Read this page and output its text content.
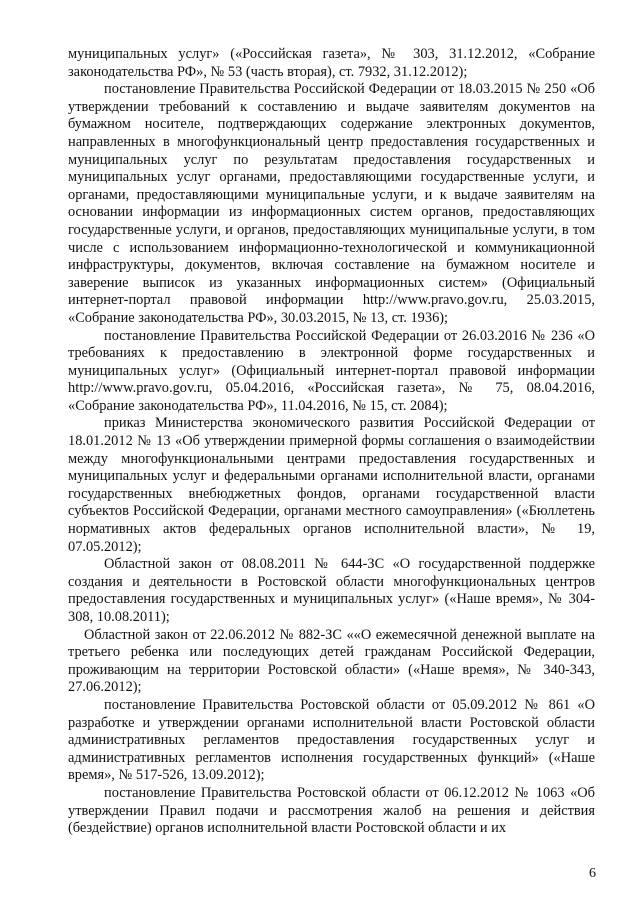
муниципальных услуг» («Российская газета», № 303, 31.12.2012, «Собрание законодательства РФ», № 53 (часть вторая), ст. 7932, 31.12.2012);

постановление Правительства Российской Федерации от 18.03.2015 № 250 «Об утверждении требований к составлению и выдаче заявителям документов на бумажном носителе, подтверждающих содержание электронных документов, направленных в многофункциональный центр предоставления государственных и муниципальных услуг по результатам предоставления государственных и муниципальных услуг органами, предоставляющими государственные услуги, и органами, предоставляющими муниципальные услуги, и к выдаче заявителям на основании информации из информационных систем органов, предоставляющих государственные услуги, и органов, предоставляющих муниципальные услуги, в том числе с использованием информационно-технологической и коммуникационной инфраструктуры, документов, включая составление на бумажном носителе и заверение выписок из указанных информационных систем» (Официальный интернет-портал правовой информации http://www.pravo.gov.ru, 25.03.2015, «Собрание законодательства РФ», 30.03.2015, № 13, ст. 1936);

постановление Правительства Российской Федерации от 26.03.2016 № 236 «О требованиях к предоставлению в электронной форме государственных и муниципальных услуг» (Официальный интернет-портал правовой информации http://www.pravo.gov.ru, 05.04.2016, «Российская газета», № 75, 08.04.2016, «Собрание законодательства РФ», 11.04.2016, № 15, ст. 2084);

приказ Министерства экономического развития Российской Федерации от 18.01.2012 № 13 «Об утверждении примерной формы соглашения о взаимодействии между многофункциональными центрами предоставления государственных и муниципальных услуг и федеральными органами исполнительной власти, органами государственных внебюджетных фондов, органами государственной власти субъектов Российской Федерации, органами местного самоуправления» («Бюллетень нормативных актов федеральных органов исполнительной власти», № 19, 07.05.2012);

Областной закон от 08.08.2011 № 644-ЗС «О государственной поддержке создания и деятельности в Ростовской области многофункциональных центров предоставления государственных и муниципальных услуг» («Наше время», № 304-308, 10.08.2011);

Областной закон от 22.06.2012 № 882-ЗС ««О ежемесячной денежной выплате на третьего ребенка или последующих детей гражданам Российской Федерации, проживающим на территории Ростовской области» («Наше время», № 340-343, 27.06.2012);

постановление Правительства Ростовской области от 05.09.2012 № 861 «О разработке и утверждении органами исполнительной власти Ростовской области административных регламентов предоставления государственных услуг и административных регламентов исполнения государственных функций» («Наше время», № 517-526, 13.09.2012);

постановление Правительства Ростовской области от 06.12.2012 № 1063 «Об утверждении Правил подачи и рассмотрения жалоб на решения и действия (бездействие) органов исполнительной власти Ростовской области и их

6
